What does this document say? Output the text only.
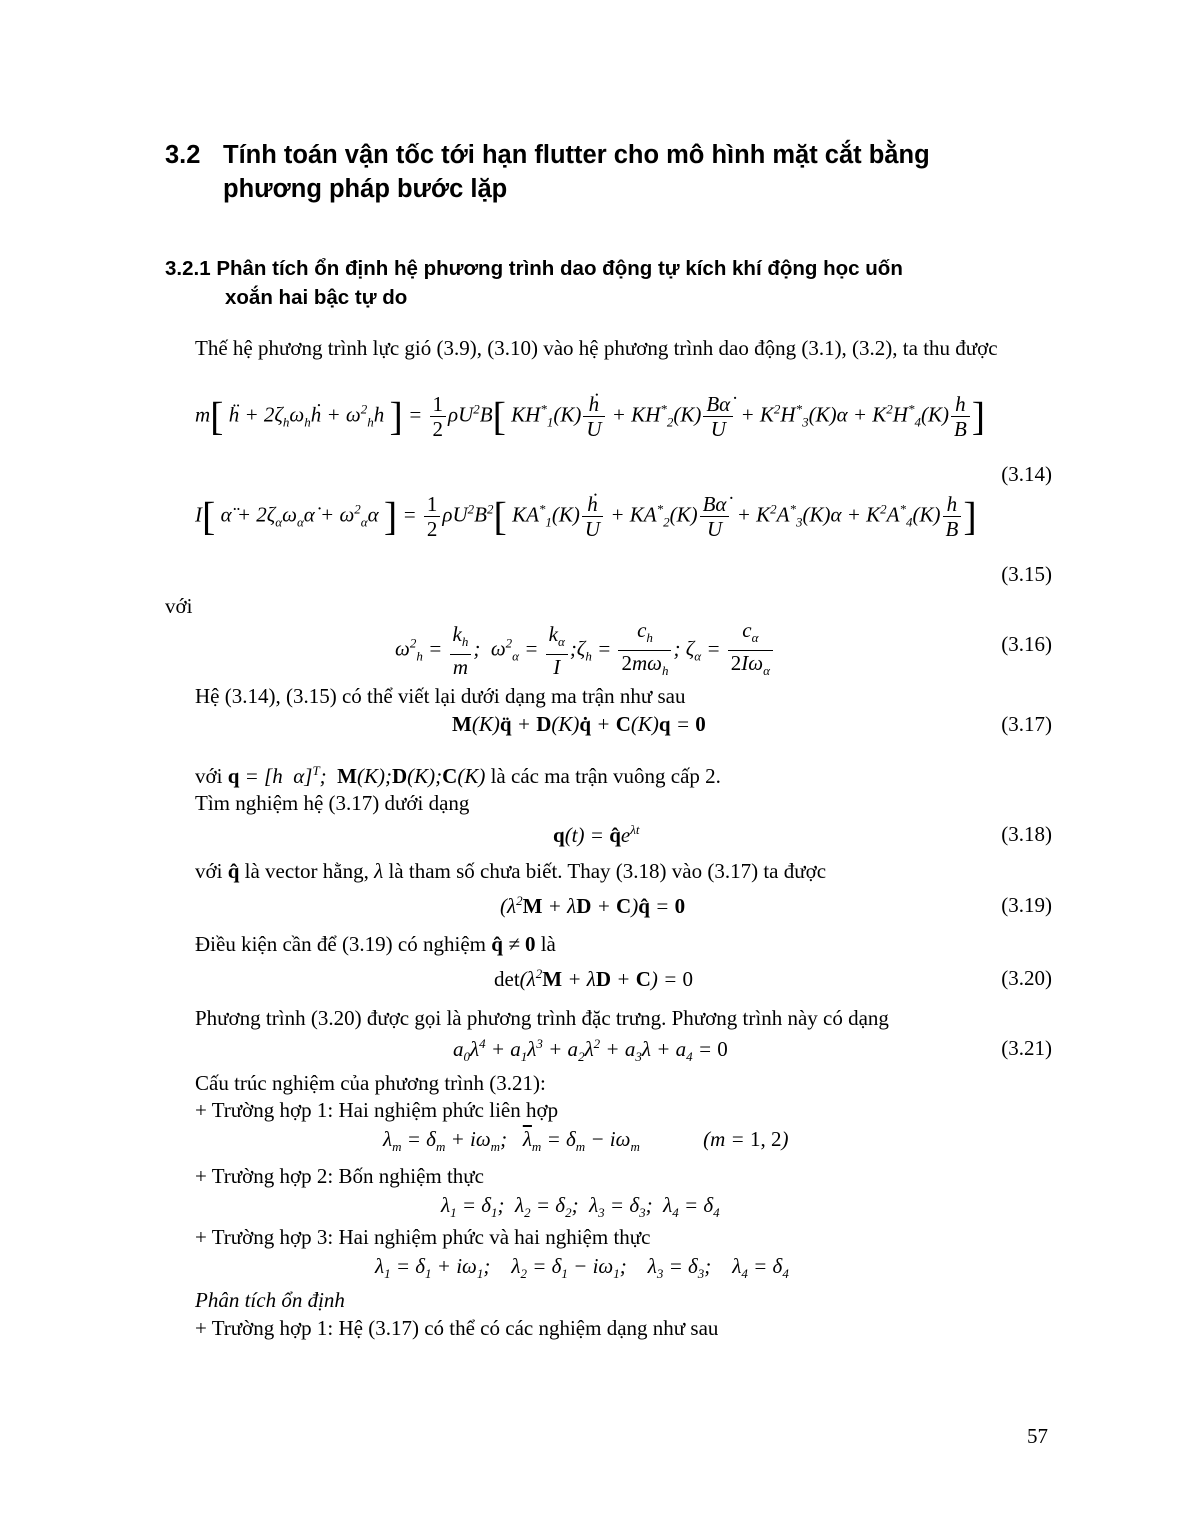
3.2 Tính toán vận tốc tới hạn flutter cho mô hình mặt cắt bằng
phương pháp bước lặp
3.2.1 Phân tích ổn định hệ phương trình dao động tự kích khí động học uốn
xoắn hai bậc tự do
Thế hệ phương trình lực gió (3.9), (3.10) vào hệ phương trình dao động (3.1), (3.2), ta thu được
m[ ḧ + $2\zeta_h\omega_hḣ + \omega^2_hh$ ] = $\frac{1}{2} \rho U^2B$[ $KH^*_1(K) \frac{\text{ḣ}}{U} + KH^*_2(K) \frac{B\alphȧ}{U} + K^2H^*_3(K)\alpha + K^2H^*_4(K) \frac{h}{B}$ ]
(3.14)
I[ α̈ + $2\zeta_\alpha\omega_\alpha\alphȧ + \omega^2_\alpha\alpha$ ] = $\frac{1}{2} \rho U^2B^2$[ $KA^*_1(K) \frac{\text{ḣ}}{U} + KA^*_2(K) \frac{B\alphȧ}{U} + K^2A^*_3(K)\alpha + K^2A^*_4(K) \frac{h}{B}$ ]
(3.15)
với
$\omega^2_h = \frac{k_h}{m}$ ;  $\omega^2_\alpha = \frac{k_\alpha}{I}$ $;\zeta_h = \frac{c_h}{2m\omega_h}$ ; $\zeta_\alpha = \frac{c_\alpha}{2I\omega_\alpha}$	(3.16)
Hệ (3.14), (3.15) có thể viết lại dưới dạng ma trận như sau
M(K)q̈ + D(K)q̇ + C(K)q = 0	(3.17)
với q = [h  α]$^T$;  M(K);D(K);C(K) là các ma trận vuông cấp 2.
Tìm nghiệm hệ (3.17) dưới dạng
$q(t) = q̂e^{\lambda t}$	(3.18)
với q̂ là vector hằng, λ là tham số chưa biết. Thay (3.18) vào (3.17) ta được
($\lambda^2M + \lambda D$ + C)q̂ = 0	(3.19)
Điều kiện cần để (3.19) có nghiệm q̂ ≠ 0 là
$\det(\lambda^2M + \lambda D + C) = 0$	(3.20)
Phương trình (3.20) được gọi là phương trình đặc trưng. Phương trình này có dạng
$a_0\lambda^4 + a_1\lambda^3 + a_2\lambda^2 + a_3\lambda + a_4 = 0$	(3.21)
Cấu trúc nghiệm của phương trình (3.21):
+ Trường hợp 1: Hai nghiệm phức liên hợp
$\lambda_m = \delta_m + i\omega_m$;   $\overline{\lambda}_m = \delta_m - i\omega_m$	(m = 1, 2)
+ Trường hợp 2: Bốn nghiệm thực
$\lambda_1 = \delta_1$;  $\lambda_2 = \delta_2$;  $\lambda_3 = \delta_3$;  $\lambda_4 = \delta_4$
+ Trường hợp 3: Hai nghiệm phức và hai nghiệm thực
$\lambda_1 = \delta_1 + i\omega_1$;    $\lambda_2 = \delta_1 - i\omega_1$;    $\lambda_3 = \delta_3$;    $\lambda_4 = \delta_4$
Phân tích ổn định
+ Trường hợp 1: Hệ (3.17) có thể có các nghiệm dạng như sau
57
